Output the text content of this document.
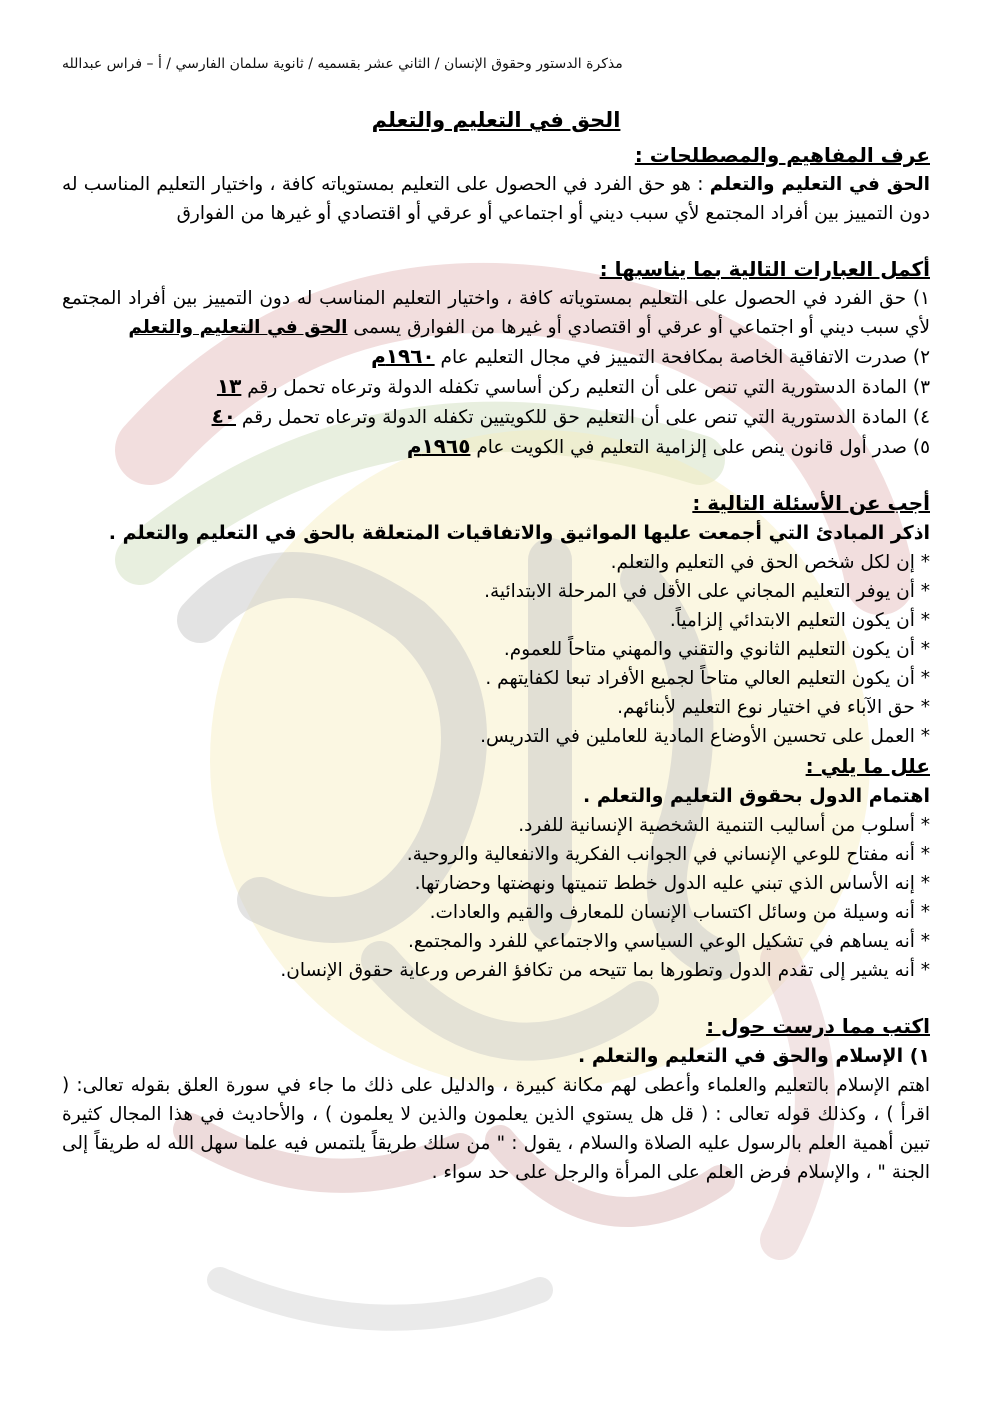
مذكرة الدستور وحقوق الإنسان / الثاني عشر بقسميه / ثانوية سلمان الفارسي / أ – فراس عبدالله
الحق في التعليم والتعلم
عرف المفاهيم والمصطلحات :
الحق في التعليم والتعلم : هو حق الفرد في الحصول على التعليم بمستوياته كافة ، واختيار التعليم المناسب له دون التمييز بين أفراد المجتمع لأي سبب ديني أو اجتماعي أو عرقي أو اقتصادي أو غيرها من الفوارق
أكمل العبارات التالية بما يناسبها :
١) حق الفرد في الحصول على التعليم بمستوياته كافة ، واختيار التعليم المناسب له دون التمييز بين أفراد المجتمع لأي سبب ديني أو اجتماعي أو عرقي أو اقتصادي أو غيرها من الفوارق يسمى الحق في التعليم والتعلم
٢) صدرت الاتفاقية الخاصة بمكافحة التمييز في مجال التعليم عام ١٩٦٠م
٣) المادة الدستورية التي تنص على أن التعليم ركن أساسي تكفله الدولة وترعاه تحمل رقم ١٣
٤) المادة الدستورية التي تنص على أن التعليم حق للكويتيين تكفله الدولة وترعاه تحمل رقم ٤٠
٥) صدر أول قانون ينص على إلزامية التعليم في الكويت عام ١٩٦٥م
أجب عن الأسئلة التالية :
اذكر المبادئ التي أجمعت عليها المواثيق والاتفاقيات المتعلقة بالحق في التعليم والتعلم .
* إن لكل شخص الحق في التعليم والتعلم.
* أن يوفر التعليم المجاني على الأقل في المرحلة الابتدائية.
* أن يكون التعليم الابتدائي إلزامياً.
* أن يكون التعليم الثانوي والتقني والمهني متاحاً للعموم.
* أن يكون التعليم العالي متاحاً لجميع الأفراد تبعا لكفايتهم .
* حق الآباء في اختيار نوع التعليم لأبنائهم.
* العمل على تحسين الأوضاع المادية للعاملين في التدريس.
علل ما يلي :
اهتمام الدول بحقوق التعليم والتعلم .
* أسلوب من أساليب التنمية الشخصية الإنسانية للفرد.
* أنه مفتاح للوعي الإنساني في الجوانب الفكرية والانفعالية والروحية.
* إنه الأساس الذي تبني عليه الدول خطط تنميتها ونهضتها وحضارتها.
* أنه وسيلة من وسائل اكتساب الإنسان للمعارف والقيم والعادات.
* أنه يساهم في تشكيل الوعي السياسي والاجتماعي للفرد والمجتمع.
* أنه يشير إلى تقدم الدول وتطورها بما تتيحه من تكافؤ الفرص ورعاية حقوق الإنسان.
اكتب مما درست حول :
١) الإسلام والحق في التعليم والتعلم .
اهتم الإسلام بالتعليم والعلماء وأعطى لهم مكانة كبيرة ، والدليل على ذلك ما جاء في سورة العلق بقوله تعالى: ( اقرأ ) ، وكذلك قوله تعالى : ( قل هل يستوي الذين يعلمون والذين لا يعلمون ) ، والأحاديث في هذا المجال كثيرة تبين أهمية العلم بالرسول عليه الصلاة والسلام ، يقول : " من سلك طريقاً يلتمس فيه علما سهل الله له طريقاً إلى الجنة " ، والإسلام فرض العلم على المرأة والرجل على حد سواء .
